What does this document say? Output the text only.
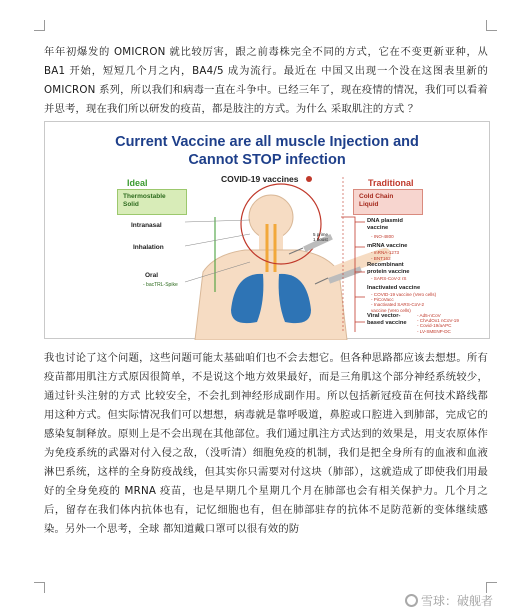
年年初爆发的 OMICRON 就比较厉害，跟之前毒株完全不同的方式，它在不变更新亚种，从 BA1 开始，短短几个月之内，BA4/5 成为流行。最近在 中国又出现一个没在这图表里新的 OMICRON 系列，所以我们和病毒一直在斗争中。已经三年了，现在疫情的情况，我们可以看着并思考，现在我们所以研发的疫苗，都是肢注的方式。为什么 采取肌注的方式 ？

Current Vaccine are all muscle Injection and
Cannot STOP infection
Ideal	COVID-19 vaccines	Traditional
Thermostable
Solid
Cold Chain
Liquid
Intranasal
Inhalation
Oral
- bacTRL-Spike
5 prime
1 boost
DNA plasmid
vaccine
- INO-4800
mRNA vaccine
- mRNA-1273
- BNT162
Recombinant
protein vaccine
- SARS-CoV-2 rS
Inactivated vaccine
- COVID-19 vaccine (Vero cells)
- PiCoVacc
- Inactivated SARS-CoV-2
vaccine (Vero cells)
Viral vector-
based vaccine
- Ad5-nCoV
- ChAdOx1 nCoV-19
- Covid-19/aAPC
- LV-SMENP-DC

我也讨论了这个问题，这些问题可能太基础咱们也不会去想它。但各种思路都应该去想想。所有疫苗都用肌注方式原因很简单，不是说这个地方效果最好，而是三角肌这个部分神经系统较少，通过针头注射的方式 比较安全，不会扎到神经形成副作用。所以包括新冠疫苗在何技术路线都用这种方式。但实际情况我们可以想想，病毒就是靠呼吸道，鼻腔或口腔进入到肺部，完成它的感染复制释放。原则上是不会出现在其他部位。我们通过肌注方式达到的效果是，用支农原体作为免疫系统的武器对付入侵之敌，（没听清）细胞免疫的机制，我们是把全身所有的血液和血液淋巴系统，这样的全身防疫战线，但其实你只需要对付这块（肺部），这就造成了即使我们用最好的全身免疫的 MRNA 疫苗，也是早期几个星期几个月在肺部也会有相关保护力。几个月之后，留存在我们体内抗体也有，记忆细胞也有，但在肺部驻存的抗体不足防范新的变体继续感染。另外一个思考，全球 都知道戴口罩可以很有效的防

雪球：破舰者
